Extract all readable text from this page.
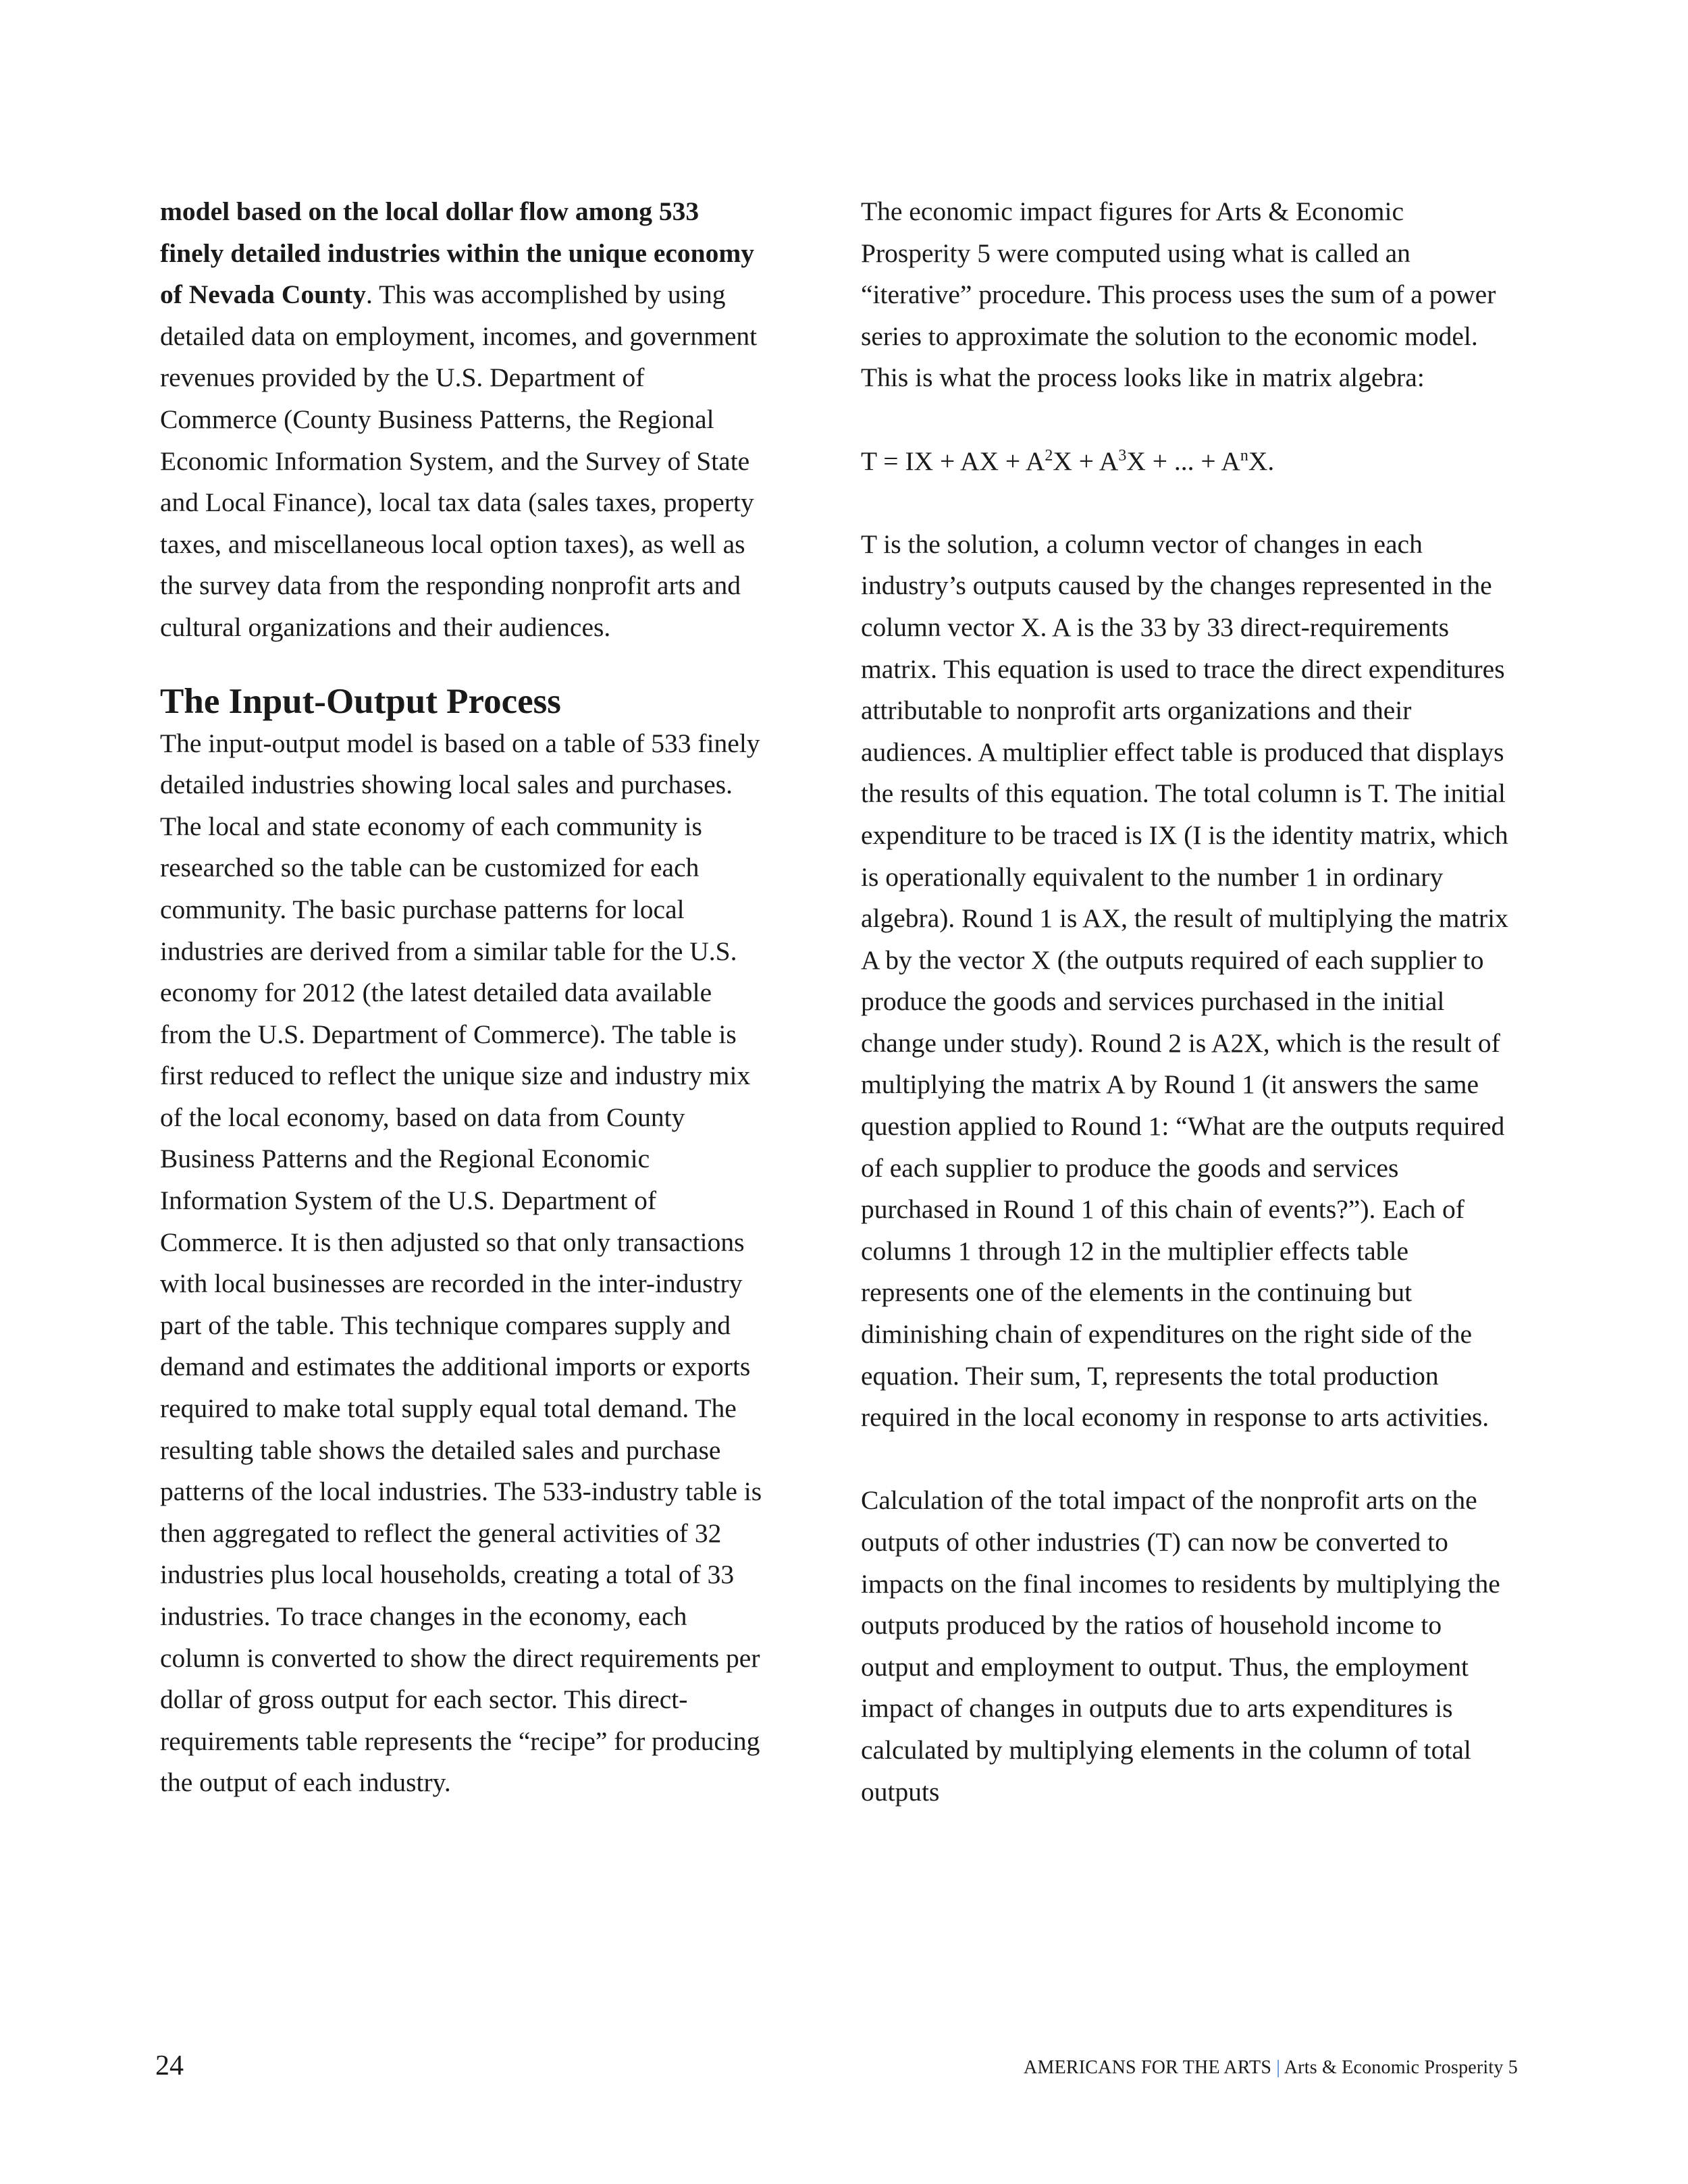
model based on the local dollar flow among 533 finely detailed industries within the unique economy of Nevada County. This was accomplished by using detailed data on employment, incomes, and government revenues provided by the U.S. Department of Commerce (County Business Patterns, the Regional Economic Information System, and the Survey of State and Local Finance), local tax data (sales taxes, property taxes, and miscellaneous local option taxes), as well as the survey data from the responding nonprofit arts and cultural organizations and their audiences.

The Input-Output Process

The input-output model is based on a table of 533 finely detailed industries showing local sales and purchases. The local and state economy of each community is researched so the table can be customized for each community. The basic purchase patterns for local industries are derived from a similar table for the U.S. economy for 2012 (the latest detailed data available from the U.S. Department of Commerce). The table is first reduced to reflect the unique size and industry mix of the local economy, based on data from County Business Patterns and the Regional Economic Information System of the U.S. Department of Commerce. It is then adjusted so that only transactions with local businesses are recorded in the inter-industry part of the table. This technique compares supply and demand and estimates the additional imports or exports required to make total supply equal total demand. The resulting table shows the detailed sales and purchase patterns of the local industries. The 533-industry table is then aggregated to reflect the general activities of 32 industries plus local households, creating a total of 33 industries. To trace changes in the economy, each column is converted to show the direct requirements per dollar of gross output for each sector. This direct-requirements table represents the “recipe” for producing the output of each industry.

The economic impact figures for Arts & Economic Prosperity 5 were computed using what is called an “iterative” procedure. This process uses the sum of a power series to approximate the solution to the economic model. This is what the process looks like in matrix algebra:

T = IX + AX + $A^2X + A^3X$ + ... + $A^nX$.

T is the solution, a column vector of changes in each industry’s outputs caused by the changes represented in the column vector X. A is the 33 by 33 direct-requirements matrix. This equation is used to trace the direct expenditures attributable to nonprofit arts organizations and their audiences. A multiplier effect table is produced that displays the results of this equation. The total column is T. The initial expenditure to be traced is IX (I is the identity matrix, which is operationally equivalent to the number 1 in ordinary algebra). Round 1 is AX, the result of multiplying the matrix A by the vector X (the outputs required of each supplier to produce the goods and services purchased in the initial change under study). Round 2 is A2X, which is the result of multiplying the matrix A by Round 1 (it answers the same question applied to Round 1: “What are the outputs required of each supplier to produce the goods and services purchased in Round 1 of this chain of events?”). Each of columns 1 through 12 in the multiplier effects table represents one of the elements in the continuing but diminishing chain of expenditures on the right side of the equation. Their sum, T, represents the total production required in the local economy in response to arts activities.

Calculation of the total impact of the nonprofit arts on the outputs of other industries (T) can now be converted to impacts on the final incomes to residents by multiplying the outputs produced by the ratios of household income to output and employment to output. Thus, the employment impact of changes in outputs due to arts expenditures is calculated by multiplying elements in the column of total outputs

24	AMERICANS FOR THE ARTS | Arts & Economic Prosperity 5
